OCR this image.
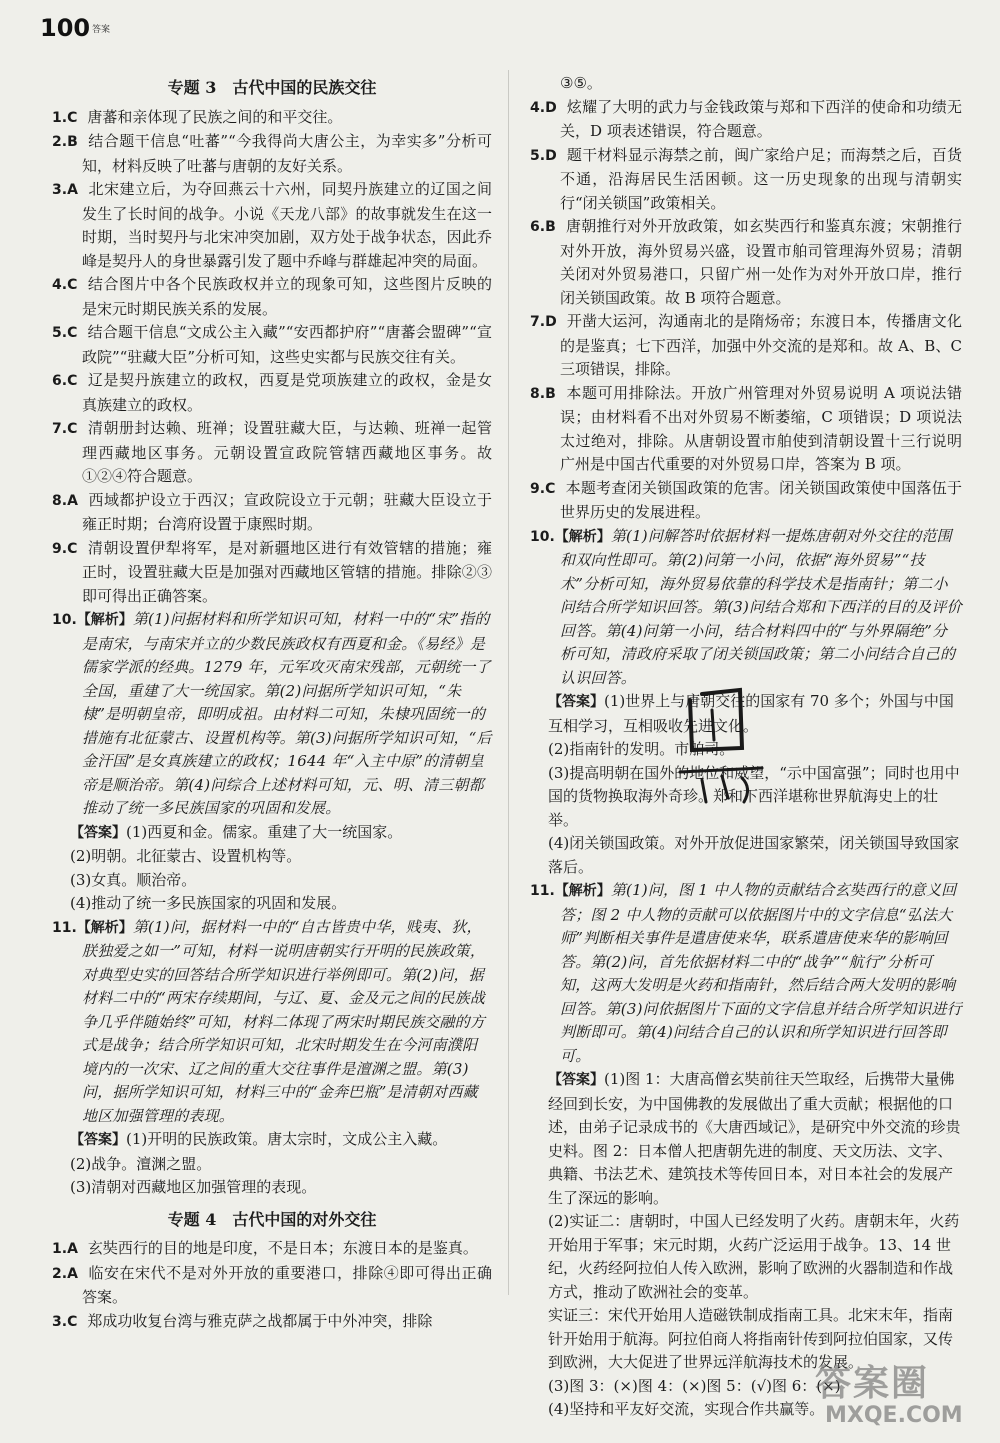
100 答案
专题 3　古代中国的民族交往

1.C 唐蕃和亲体现了民族之间的和平交往。

2.B 结合题干信息“吐蕃”“今我得尚大唐公主，为幸实多”分析可知，材料反映了吐蕃与唐朝的友好关系。

3.A 北宋建立后，为夺回燕云十六州，同契丹族建立的辽国之间发生了长时间的战争。小说《天龙八部》的故事就发生在这一时期，当时契丹与北宋冲突加剧，双方处于战争状态，因此乔峰是契丹人的身世暴露引发了题中乔峰与群雄起冲突的局面。

4.C 结合图片中各个民族政权并立的现象可知，这些图片反映的是宋元时期民族关系的发展。

5.C 结合题干信息“文成公主入藏”“安西都护府”“唐蕃会盟碑”“宣政院”“驻藏大臣”分析可知，这些史实都与民族交往有关。

6.C 辽是契丹族建立的政权，西夏是党项族建立的政权，金是女真族建立的政权。

7.C 清朝册封达赖、班禅；设置驻藏大臣，与达赖、班禅一起管理西藏地区事务。元朝设置宣政院管辖西藏地区事务。故①②④符合题意。

8.A 西域都护设立于西汉；宣政院设立于元朝；驻藏大臣设立于雍正时期；台湾府设置于康熙时期。

9.C 清朝设置伊犁将军，是对新疆地区进行有效管辖的措施；雍正时，设置驻藏大臣是加强对西藏地区管辖的措施。排除②③即可得出正确答案。

10.【解析】第(1)问据材料和所学知识可知，材料一中的“宋”指的是南宋，与南宋并立的少数民族政权有西夏和金。《易经》是儒家学派的经典。1279 年，元军攻灭南宋残部，元朝统一了全国，重建了大一统国家。第(2)问据所学知识可知，“朱棣”是明朝皇帝，即明成祖。由材料二可知，朱棣巩固统一的措施有北征蒙古、设置机构等。第(3)问据所学知识可知，“后金汗国”是女真族建立的政权；1644 年“入主中原”的清朝皇帝是顺治帝。第(4)问综合上述材料可知，元、明、清三朝都推动了统一多民族国家的巩固和发展。

【答案】(1)西夏和金。儒家。重建了大一统国家。

(2)明朝。北征蒙古、设置机构等。

(3)女真。顺治帝。

(4)推动了统一多民族国家的巩固和发展。

11.【解析】第(1)问，据材料一中的“自古皆贵中华，贱夷、狄，朕独爱之如一”可知，材料一说明唐朝实行开明的民族政策，对典型史实的回答结合所学知识进行举例即可。第(2)问，据材料二中的“两宋存续期间，与辽、夏、金及元之间的民族战争几乎伴随始终”可知，材料二体现了两宋时期民族交融的方式是战争；结合所学知识可知，北宋时期发生在今河南濮阳境内的一次宋、辽之间的重大交往事件是澶渊之盟。第(3)问，据所学知识可知，材料三中的“金奔巴瓶”是清朝对西藏地区加强管理的表现。

【答案】(1)开明的民族政策。唐太宗时，文成公主入藏。

(2)战争。澶渊之盟。

(3)清朝对西藏地区加强管理的表现。

专题 4　古代中国的对外交往

1.A 玄奘西行的目的地是印度，不是日本；东渡日本的是鉴真。

2.A 临安在宋代不是对外开放的重要港口，排除④即可得出正确答案。

3.C 郑成功收复台湾与雅克萨之战都属于中外冲突，排除

③⑤。

4.D 炫耀了大明的武力与金钱政策与郑和下西洋的使命和功绩无关，D 项表述错误，符合题意。

5.D 题干材料显示海禁之前，闽广家给户足；而海禁之后，百货不通，沿海居民生活困顿。这一历史现象的出现与清朝实行“闭关锁国”政策相关。

6.B 唐朝推行对外开放政策，如玄奘西行和鉴真东渡；宋朝推行对外开放，海外贸易兴盛，设置市舶司管理海外贸易；清朝关闭对外贸易港口，只留广州一处作为对外开放口岸，推行闭关锁国政策。故 B 项符合题意。

7.D 开凿大运河，沟通南北的是隋炀帝；东渡日本，传播唐文化的是鉴真；七下西洋，加强中外交流的是郑和。故 A、B、C 三项错误，排除。

8.B 本题可用排除法。开放广州管理对外贸易说明 A 项说法错误；由材料看不出对外贸易不断萎缩，C 项错误；D 项说法太过绝对，排除。从唐朝设置市舶使到清朝设置十三行说明广州是中国古代重要的对外贸易口岸，答案为 B 项。

9.C 本题考查闭关锁国政策的危害。闭关锁国政策使中国落伍于世界历史的发展进程。

10.【解析】第(1)问解答时依据材料一提炼唐朝对外交往的范围和双向性即可。第(2)问第一小问，依据“海外贸易”“技术”分析可知，海外贸易依靠的科学技术是指南针；第二小问结合所学知识回答。第(3)问结合郑和下西洋的目的及评价回答。第(4)问第一小问，结合材料四中的“与外界隔绝”分析可知，清政府采取了闭关锁国政策；第二小问结合自己的认识回答。

【答案】(1)世界上与唐朝交往的国家有 70 多个；外国与中国互相学习，互相吸收先进文化。

(2)指南针的发明。市舶司。

(3)提高明朝在国外的地位和威望，“示中国富强”；同时也用中国的货物换取海外奇珍。郑和下西洋堪称世界航海史上的壮举。

(4)闭关锁国政策。对外开放促进国家繁荣，闭关锁国导致国家落后。

11.【解析】第(1)问，图 1 中人物的贡献结合玄奘西行的意义回答；图 2 中人物的贡献可以依据图片中的文字信息“弘法大师”判断相关事件是遣唐使来华，联系遣唐使来华的影响回答。第(2)问，首先依据材料二中的“战争”“航行”分析可知，这两大发明是火药和指南针，然后结合两大发明的影响回答。第(3)问依据图片下面的文字信息并结合所学知识进行判断即可。第(4)问结合自己的认识和所学知识进行回答即可。

【答案】(1)图 1：大唐高僧玄奘前往天竺取经，后携带大量佛经回到长安，为中国佛教的发展做出了重大贡献；根据他的口述，由弟子记录成书的《大唐西域记》，是研究中外交流的珍贵史料。图 2：日本僧人把唐朝先进的制度、天文历法、文字、典籍、书法艺术、建筑技术等传回日本，对日本社会的发展产生了深远的影响。

(2)实证二：唐朝时，中国人已经发明了火药。唐朝末年，火药开始用于军事；宋元时期，火药广泛运用于战争。13、14 世纪，火药经阿拉伯人传入欧洲，影响了欧洲的火器制造和作战方式，推动了欧洲社会的变革。

实证三：宋代开始用人造磁铁制成指南工具。北宋末年，指南针开始用于航海。阿拉伯商人将指南针传到阿拉伯国家，又传到欧洲，大大促进了世界远洋航海技术的发展。

(3)图 3：(×)图 4：(×)图 5：(√)图 6：(×)

(4)坚持和平友好交流，实现合作共赢等。

答案圈
MXQE.COM
